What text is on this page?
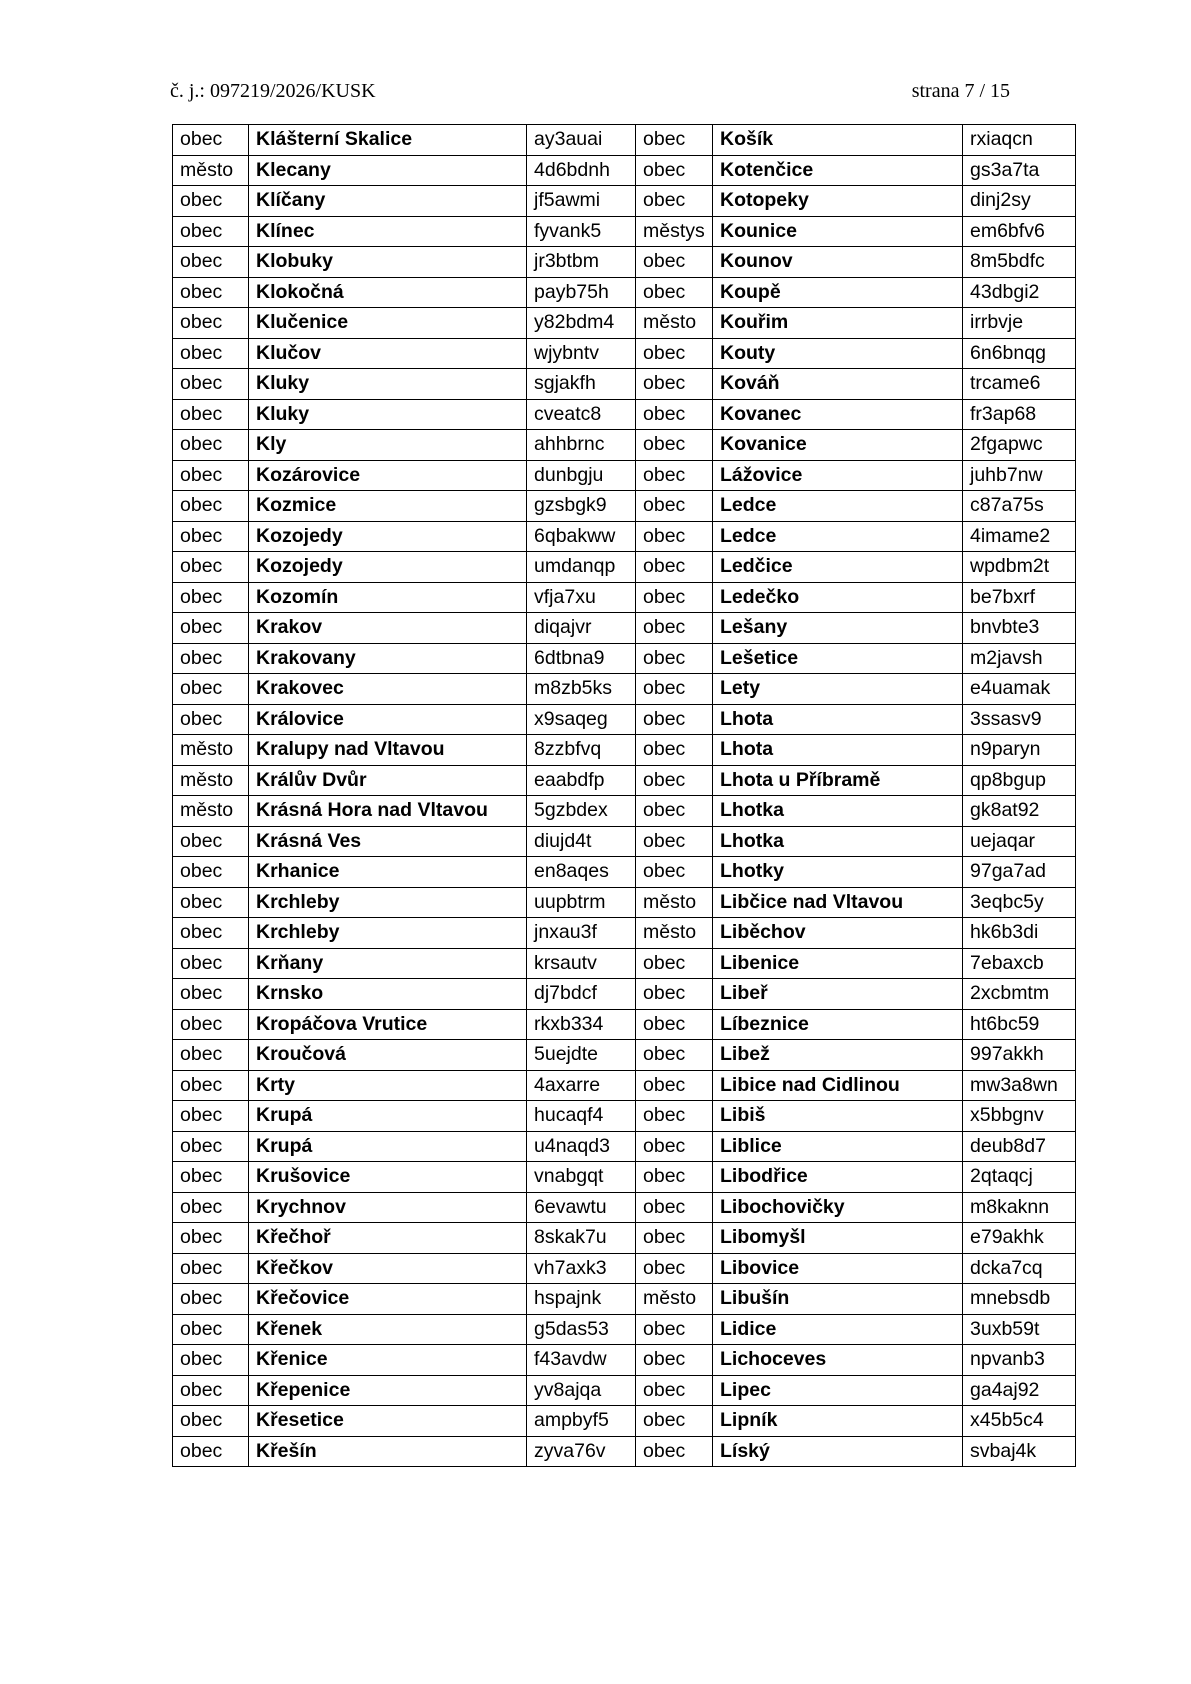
č. j.: 097219/2026/KUSK	strana 7 / 15
obec	Klášterní Skalice	ay3auai	obec	Košík	rxiaqcn
město	Klecany	4d6bdnh	obec	Kotenčice	gs3a7ta
obec	Klíčany	jf5awmi	obec	Kotopeky	dinj2sy
obec	Klínec	fyvank5	městys	Kounice	em6bfv6
obec	Klobuky	jr3btbm	obec	Kounov	8m5bdfc
obec	Klokočná	payb75h	obec	Koupě	43dbgi2
obec	Klučenice	y82bdm4	město	Kouřim	irrbvje
obec	Klučov	wjybntv	obec	Kouty	6n6bnqg
obec	Kluky	sgjakfh	obec	Kováň	trcame6
obec	Kluky	cveatc8	obec	Kovanec	fr3ap68
obec	Kly	ahhbrnc	obec	Kovanice	2fgapwc
obec	Kozárovice	dunbgju	obec	Lážovice	juhb7nw
obec	Kozmice	gzsbgk9	obec	Ledce	c87a75s
obec	Kozojedy	6qbakww	obec	Ledce	4imame2
obec	Kozojedy	umdanqp	obec	Ledčice	wpdbm2t
obec	Kozomín	vfja7xu	obec	Ledečko	be7bxrf
obec	Krakov	diqajvr	obec	Lešany	bnvbte3
obec	Krakovany	6dtbna9	obec	Lešetice	m2javsh
obec	Krakovec	m8zb5ks	obec	Lety	e4uamak
obec	Královice	x9saqeg	obec	Lhota	3ssasv9
město	Kralupy nad Vltavou	8zzbfvq	obec	Lhota	n9paryn
město	Králův Dvůr	eaabdfp	obec	Lhota u Příbramě	qp8bgup
město	Krásná Hora nad Vltavou	5gzbdex	obec	Lhotka	gk8at92
obec	Krásná Ves	diujd4t	obec	Lhotka	uejaqar
obec	Krhanice	en8aqes	obec	Lhotky	97ga7ad
obec	Krchleby	uupbtrm	město	Libčice nad Vltavou	3eqbc5y
obec	Krchleby	jnxau3f	město	Liběchov	hk6b3di
obec	Krňany	krsautv	obec	Libenice	7ebaxcb
obec	Krnsko	dj7bdcf	obec	Libeř	2xcbmtm
obec	Kropáčova Vrutice	rkxb334	obec	Líbeznice	ht6bc59
obec	Kroučová	5uejdte	obec	Libež	997akkh
obec	Krty	4axarre	obec	Libice nad Cidlinou	mw3a8wn
obec	Krupá	hucaqf4	obec	Libiš	x5bbgnv
obec	Krupá	u4naqd3	obec	Liblice	deub8d7
obec	Krušovice	vnabgqt	obec	Libodřice	2qtaqcj
obec	Krychnov	6evawtu	obec	Libochovičky	m8kaknn
obec	Křečhoř	8skak7u	obec	Libomyšl	e79akhk
obec	Křečkov	vh7axk3	obec	Libovice	dcka7cq
obec	Křečovice	hspajnk	město	Libušín	mnebsdb
obec	Křenek	g5das53	obec	Lidice	3uxb59t
obec	Křenice	f43avdw	obec	Lichoceves	npvanb3
obec	Křepenice	yv8ajqa	obec	Lipec	ga4aj92
obec	Křesetice	ampbyf5	obec	Lipník	x45b5c4
obec	Křešín	zyva76v	obec	Líský	svbaj4k
